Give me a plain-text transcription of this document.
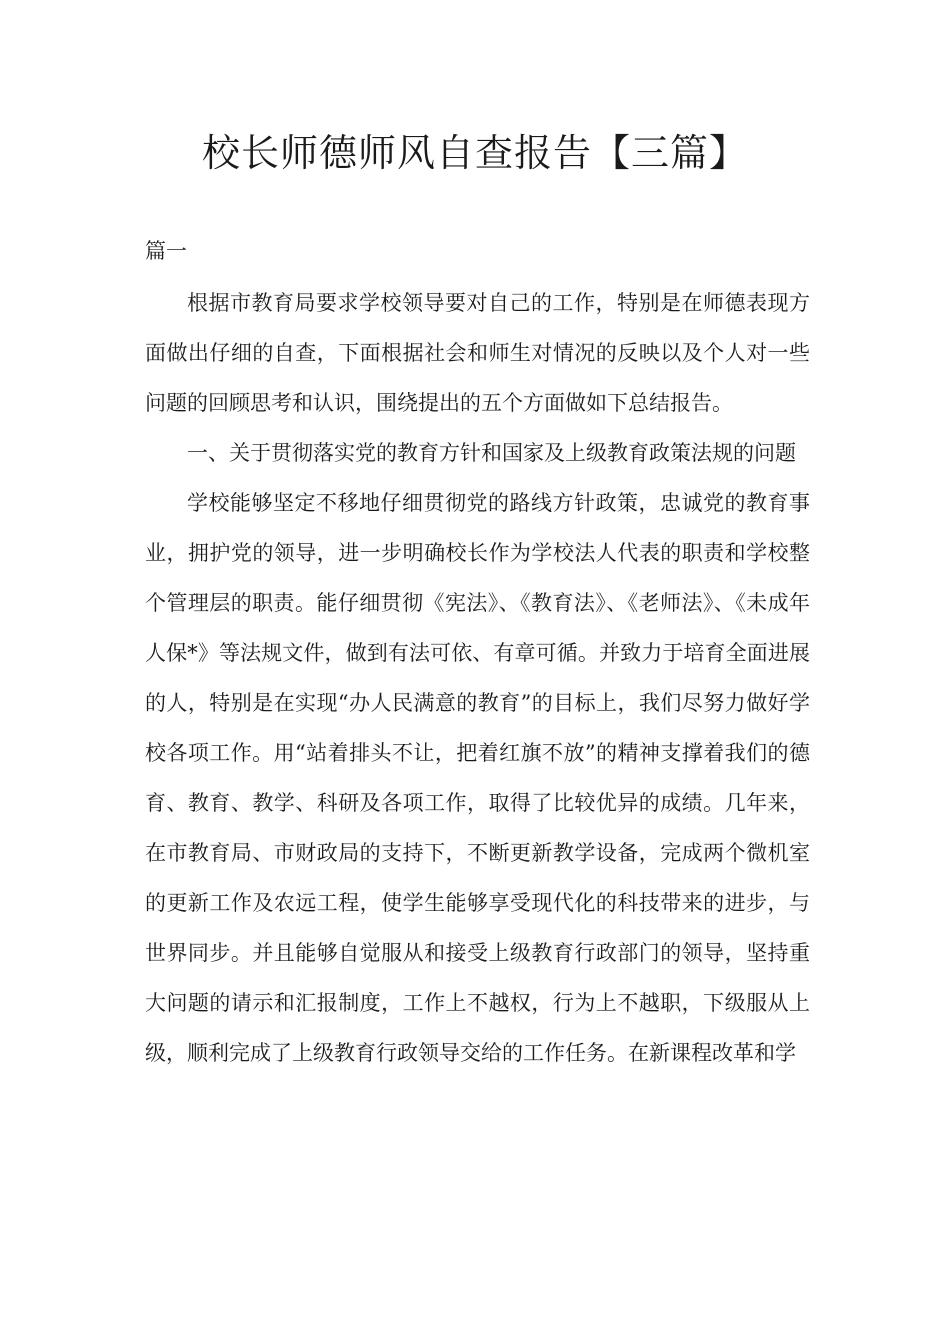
校长师德师风自查报告【三篇】
篇一

根据市教育局要求学校领导要对自己的工作，特别是在师德表现方面做出仔细的自查，下面根据社会和师生对情况的反映以及个人对一些问题的回顾思考和认识，围绕提出的五个方面做如下总结报告。

一、关于贯彻落实党的教育方针和国家及上级教育政策法规的问题

学校能够坚定不移地仔细贯彻党的路线方针政策，忠诚党的教育事业，拥护党的领导，进一步明确校长作为学校法人代表的职责和学校整个管理层的职责。能仔细贯彻《宪法》、《教育法》、《老师法》、《未成年人保*》等法规文件，做到有法可依、有章可循。并致力于培育全面进展的人，特别是在实现“办人民满意的教育”的目标上，我们尽努力做好学校各项工作。用“站着排头不让，把着红旗不放”的精神支撑着我们的德育、教育、教学、科研及各项工作，取得了比较优异的成绩。几年来，在市教育局、市财政局的支持下，不断更新教学设备，完成两个微机室的更新工作及农远工程，使学生能够享受现代化的科技带来的进步，与世界同步。并且能够自觉服从和接受上级教育行政部门的领导，坚持重大问题的请示和汇报制度，工作上不越权，行为上不越职，下级服从上级，顺利完成了上级教育行政领导交给的工作任务。在新课程改革和学
